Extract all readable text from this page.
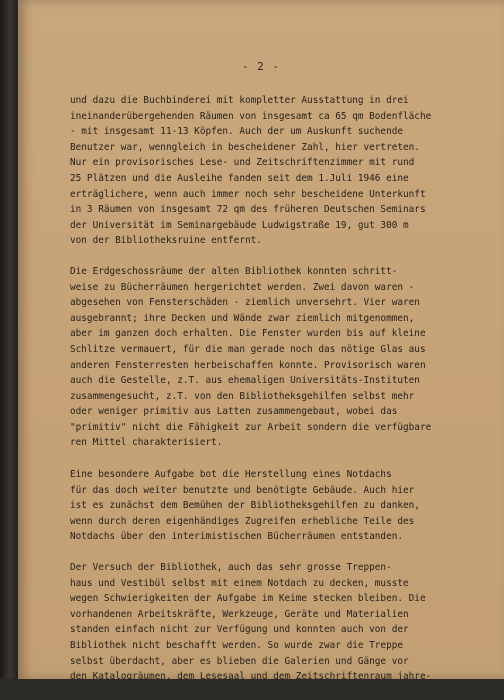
- 2 -
und dazu die Buchbinderei mit kompletter Ausstattung in drei
ineinanderübergehenden Räumen von insgesamt ca 65 qm Bodenfläche
- mit insgesamt 11-13 Köpfen. Auch der um Auskunft suchende
Benutzer war, wenngleich in bescheidener Zahl, hier vertreten.
Nur ein provisorisches Lese- und Zeitschriftenzimmer mit rund
25 Plätzen und die Ausleihe fanden seit dem 1.Juli 1946 eine
erträglichere, wenn auch immer noch sehr bescheidene Unterkunft
in 3 Räumen von insgesamt 72 qm des früheren Deutschen Seminars
der Universität im Seminargebäude Ludwigstraße 19, gut 300 m
von der Bibliotheksruine entfernt.
Die Erdgeschossräume der alten Bibliothek konnten schritt-
weise zu Bücherräumen hergerichtet werden. Zwei davon waren -
abgesehen von Fensterschäden - ziemlich unversehrt. Vier waren
ausgebrannt; ihre Decken und Wände zwar ziemlich mitgenommen,
aber im ganzen doch erhalten. Die Fenster wurden bis auf kleine
Schlitze vermauert, für die man gerade noch das nötige Glas aus
anderen Fensterresten herbeischaffen konnte. Provisorisch waren
auch die Gestelle, z.T. aus ehemaligen Universitäts-Instituten
zusammengesucht, z.T. von den Bibliotheksgehilfen selbst mehr
oder weniger primitiv aus Latten zusammengebaut, wobei das
"primitiv" nicht die Fähigkeit zur Arbeit sondern die verfügbare
ren Mittel charakterisiert.
Eine besondere Aufgabe bot die Herstellung eines Notdachs
für das doch weiter benutzte und benötigte Gebäude. Auch hier
ist es zunächst dem Bemühen der Bibliotheksgehilfen zu danken,
wenn durch deren eigenhändiges Zugreifen erhebliche Teile des
Notdachs über den interimistischen Bücherräumen entstanden.
Der Versuch der Bibliothek, auch das sehr grosse Treppen-
haus und Vestibül selbst mit einem Notdach zu decken, musste
wegen Schwierigkeiten der Aufgabe im Keime stecken bleiben. Die
vorhandenen Arbeitskräfte, Werkzeuge, Geräte und Materialien
standen einfach nicht zur Verfügung und konnten auch von der
Bibliothek nicht beschafft werden. So wurde zwar die Treppe
selbst überdacht, aber es blieben die Galerien und Gänge vor
den Katalogräumen, dem Lesesaal und dem Zeitschriftenraum jahre-
